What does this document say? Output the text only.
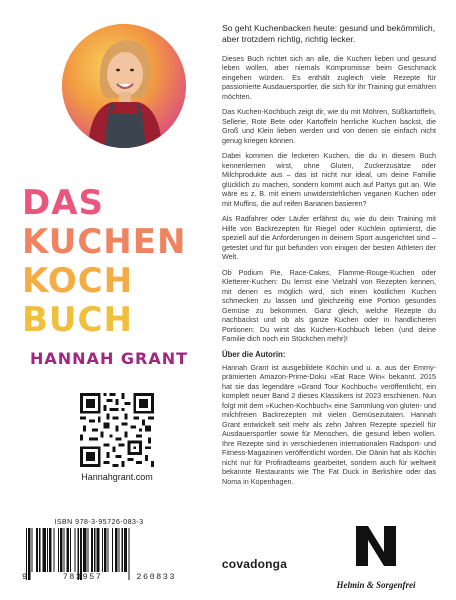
DAS
KUCHEN
KOCH
BUCH
HANNAH GRANT
Hannahgrant.com
ISBN 978-3-95726-083-3
9	783957	260833
covadonga
Helmin & Sorgenfrei

So geht Kuchenbacken heute: gesund und bekömmlich, aber trotzdem richtig, richtig lecker.

Dieses Buch richtet sich an alle, die Kuchen lieben und gesund leben wollen, aber niemals Kompromisse beim Geschmack eingehen würden. Es enthält zugleich viele Rezepte für passionierte Ausdauersportler, die sich für ihr Training gut ernähren möchten.

Das Kuchen-Kochbuch zeigt dir, wie du mit Möhren, Süßkartoffeln, Sellerie, Rote Bete oder Kartoffeln herrliche Kuchen backst, die Groß und Klein lieben werden und von denen sie einfach nicht genug kriegen können.

Dabei kommen die leckeren Kuchen, die du in diesem Buch kennenlernen wirst, ohne Gluten, Zuckerzusätze oder Milchprodukte aus – das ist nicht nur ideal, um deine Familie glücklich zu machen, sondern kommt auch auf Partys gut an. Wie wäre es z. B. mit einem unwiderstehlichen veganen Kuchen oder mit Muffins, die auf reifen Bananen basieren?

Als Radfahrer oder Läufer erfährst du, wie du dein Training mit Hilfe von Backrezepten für Riegel oder Küchlein optimierst, die speziell auf die Anforderungen in deinem Sport ausgerichtet sind – getestet und für gut befunden von einigen der besten Athleten der Welt.

Ob Podium Pie, Race-Cakes, Flamme-Rouge-Kuchen oder Kletterer-Kuchen: Du lernst eine Vielzahl von Rezepten kennen, mit denen es möglich wird, sich einen köstlichen Kuchen schmecken zu lassen und gleichzeitig eine Portion gesundes Gemüse zu bekommen. Ganz gleich, welche Rezepte du nachbackst und ob als ganze Kuchen oder in handlicheren Portionen: Du wirst das Kuchen-Kochbuch lieben (und deine Familie dich noch ein Stückchen mehr)!

Über die Autorin:

Hannah Grant ist ausgebildete Köchin und u. a. aus der Emmy-prämierten Amazon-Prime-Doku »Eat Race Win« bekannt. 2015 hat sie das legendäre »Grand Tour Kochbuch« veröffentlicht, ein komplett neuer Band 2 dieses Klassikers ist 2023 erschienen. Nun folgt mit dem »Kuchen-Kochbuch« eine Sammlung von gluten- und milchfreien Backrezepten mit vielen Gemüsezutaten. Hannah Grant entwickelt seit mehr als zehn Jahren Rezepte speziell für Ausdauersportler sowie für Menschen, die gesund leben wollen. Ihre Rezepte sind in verschiedenen internationalen Radsport- und Fitness-Magazinen veröffentlicht worden. Die Dänin hat als Köchin nicht nur für Profiradteams gearbeitet, sondern auch für weltweit bekannte Restaurants wie The Fat Duck in Berkshire oder das Noma in Kopenhagen.
